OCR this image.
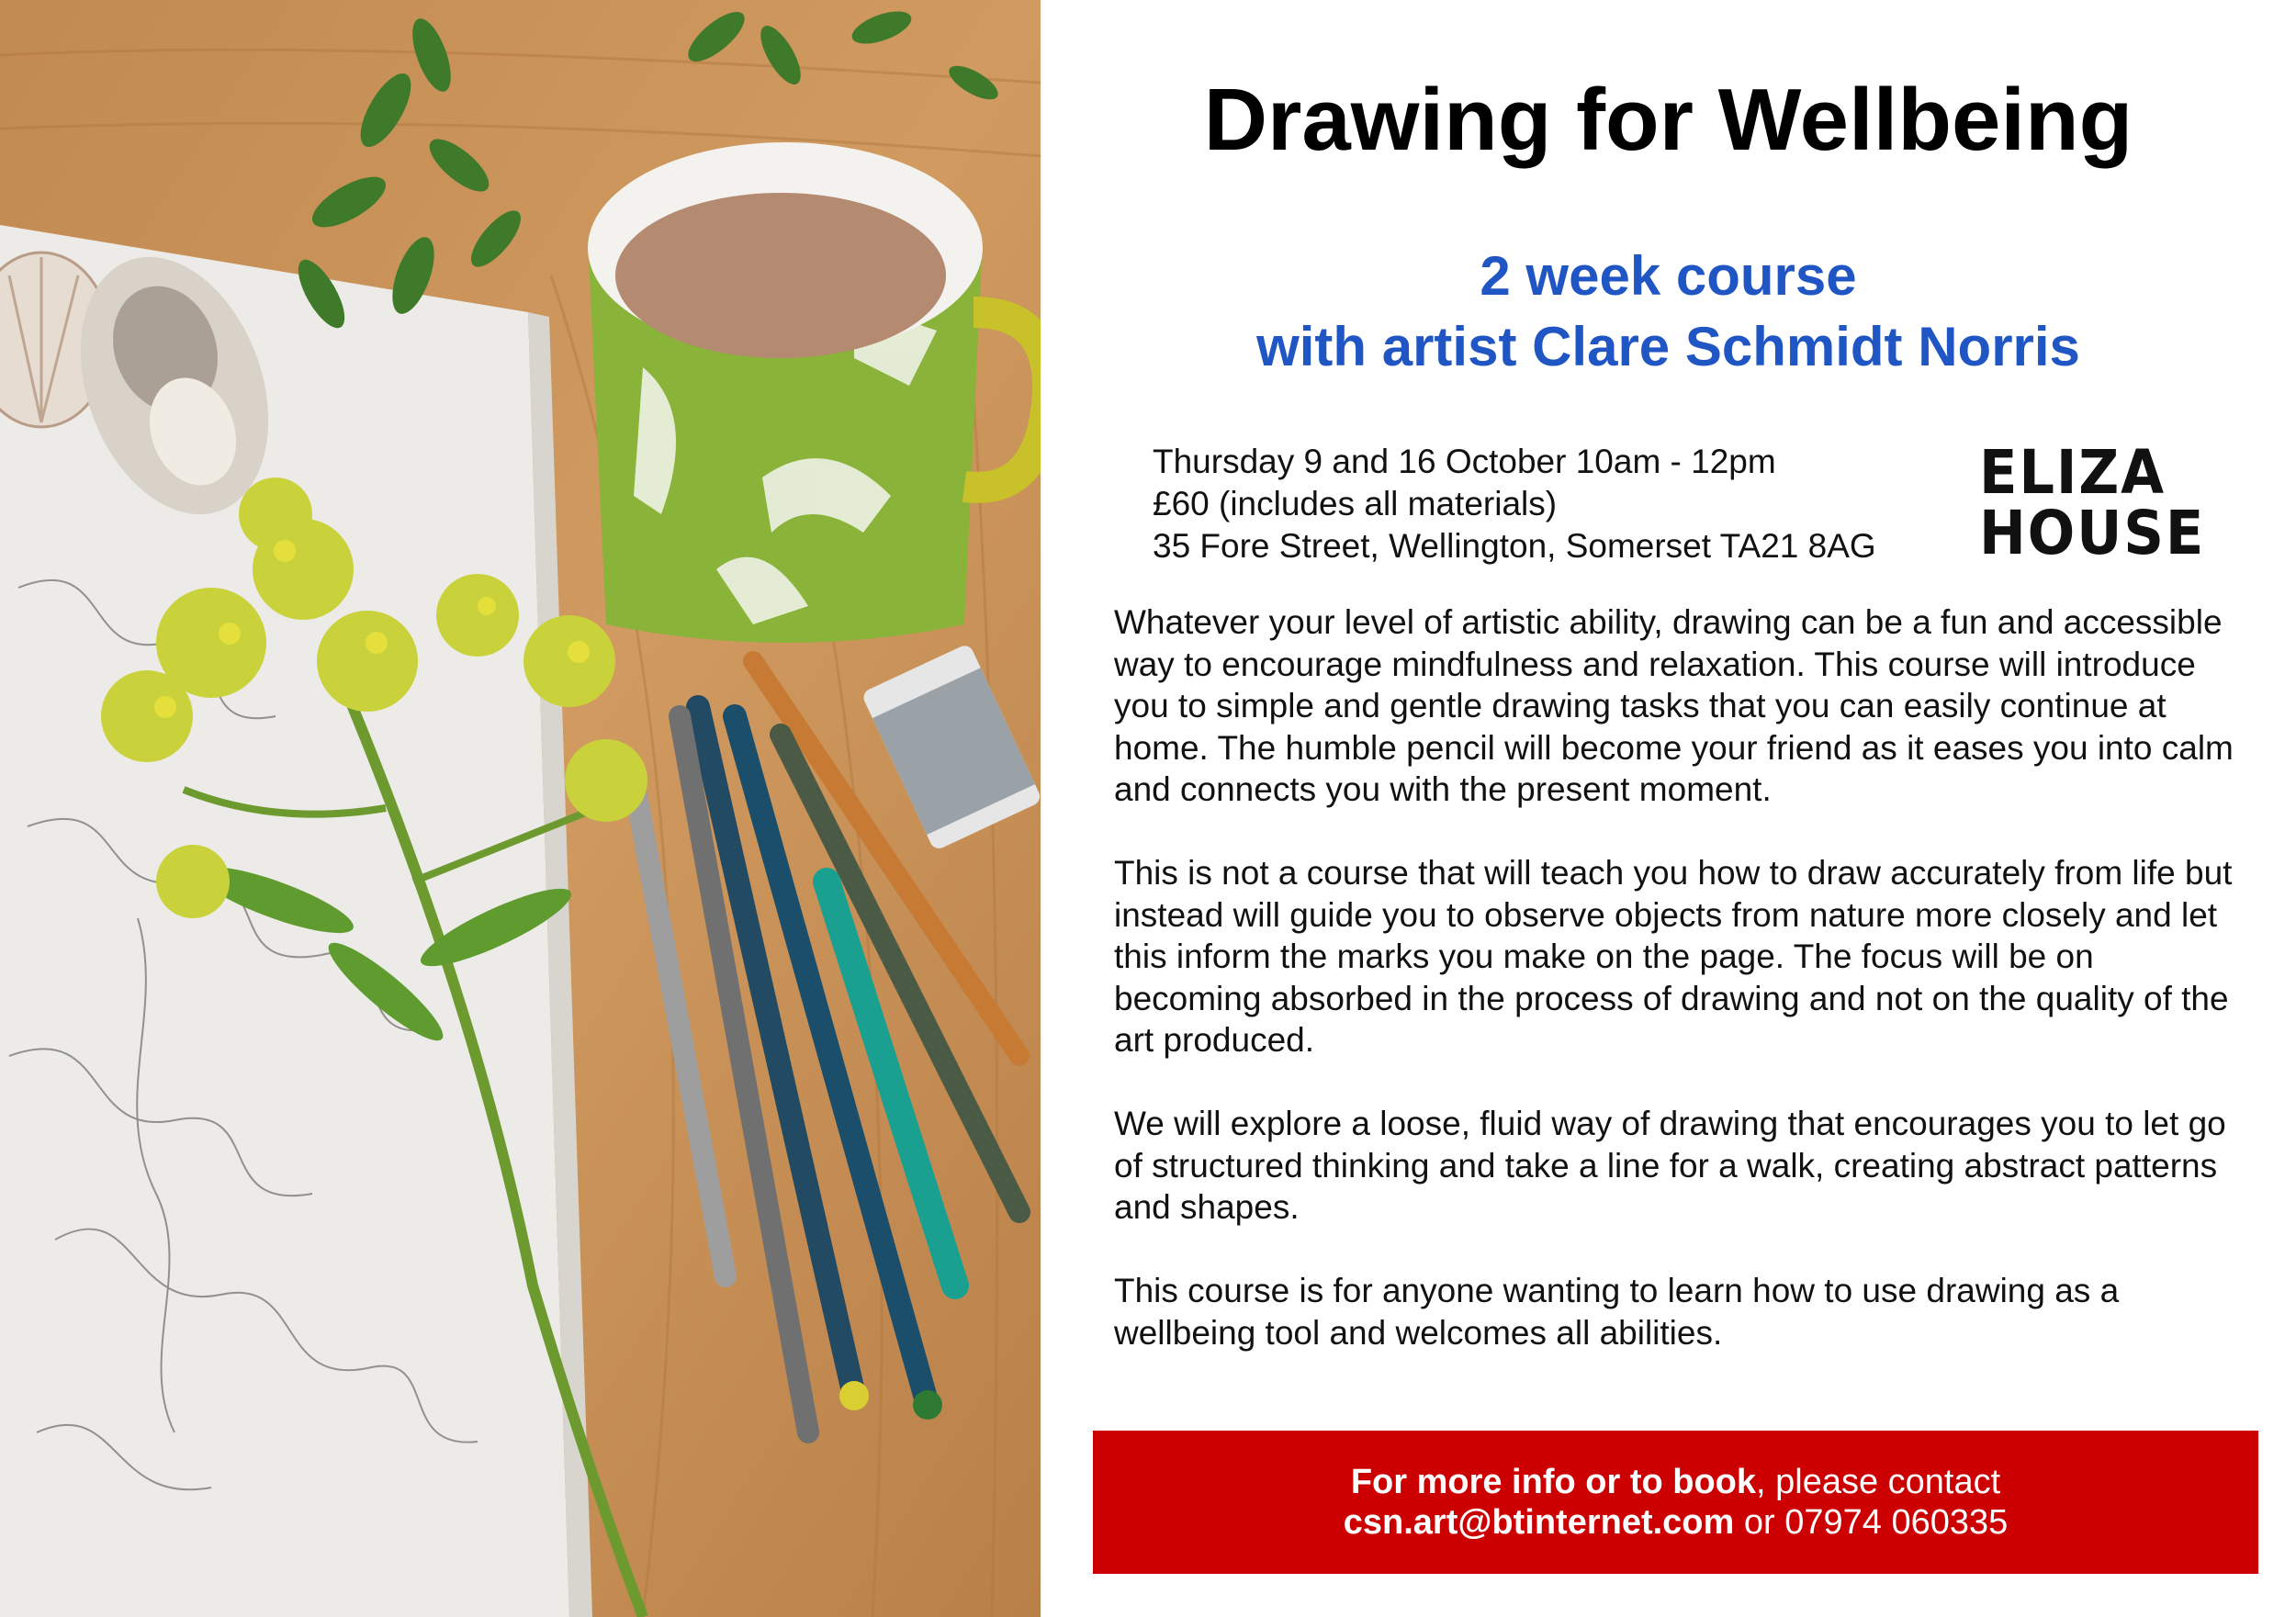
Drawing for Wellbeing
2 week course
with artist Clare Schmidt Norris
Thursday 9 and 16 October 10am - 12pm
£60 (includes all materials)
35 Fore Street, Wellington, Somerset TA21 8AG
ELIZA
HOUSE

Whatever your level of artistic ability, drawing can be a fun and accessible way to encourage mindfulness and relaxation. This course will introduce you to simple and gentle drawing tasks that you can easily continue at home. The humble pencil will become your friend as it eases you into calm and connects you with the present moment.

This is not a course that will teach you how to draw accurately from life but instead will guide you to observe objects from nature more closely and let this inform the marks you make on the page. The focus will be on becoming absorbed in the process of drawing and not on the quality of the art produced.

We will explore a loose, fluid way of drawing that encourages you to let go of structured thinking and take a line for a walk, creating abstract patterns and shapes.

This course is for anyone wanting to learn how to use drawing as a wellbeing tool and welcomes all abilities.

For more info or to book, please contact
csn.art@btinternet.com or 07974 060335
